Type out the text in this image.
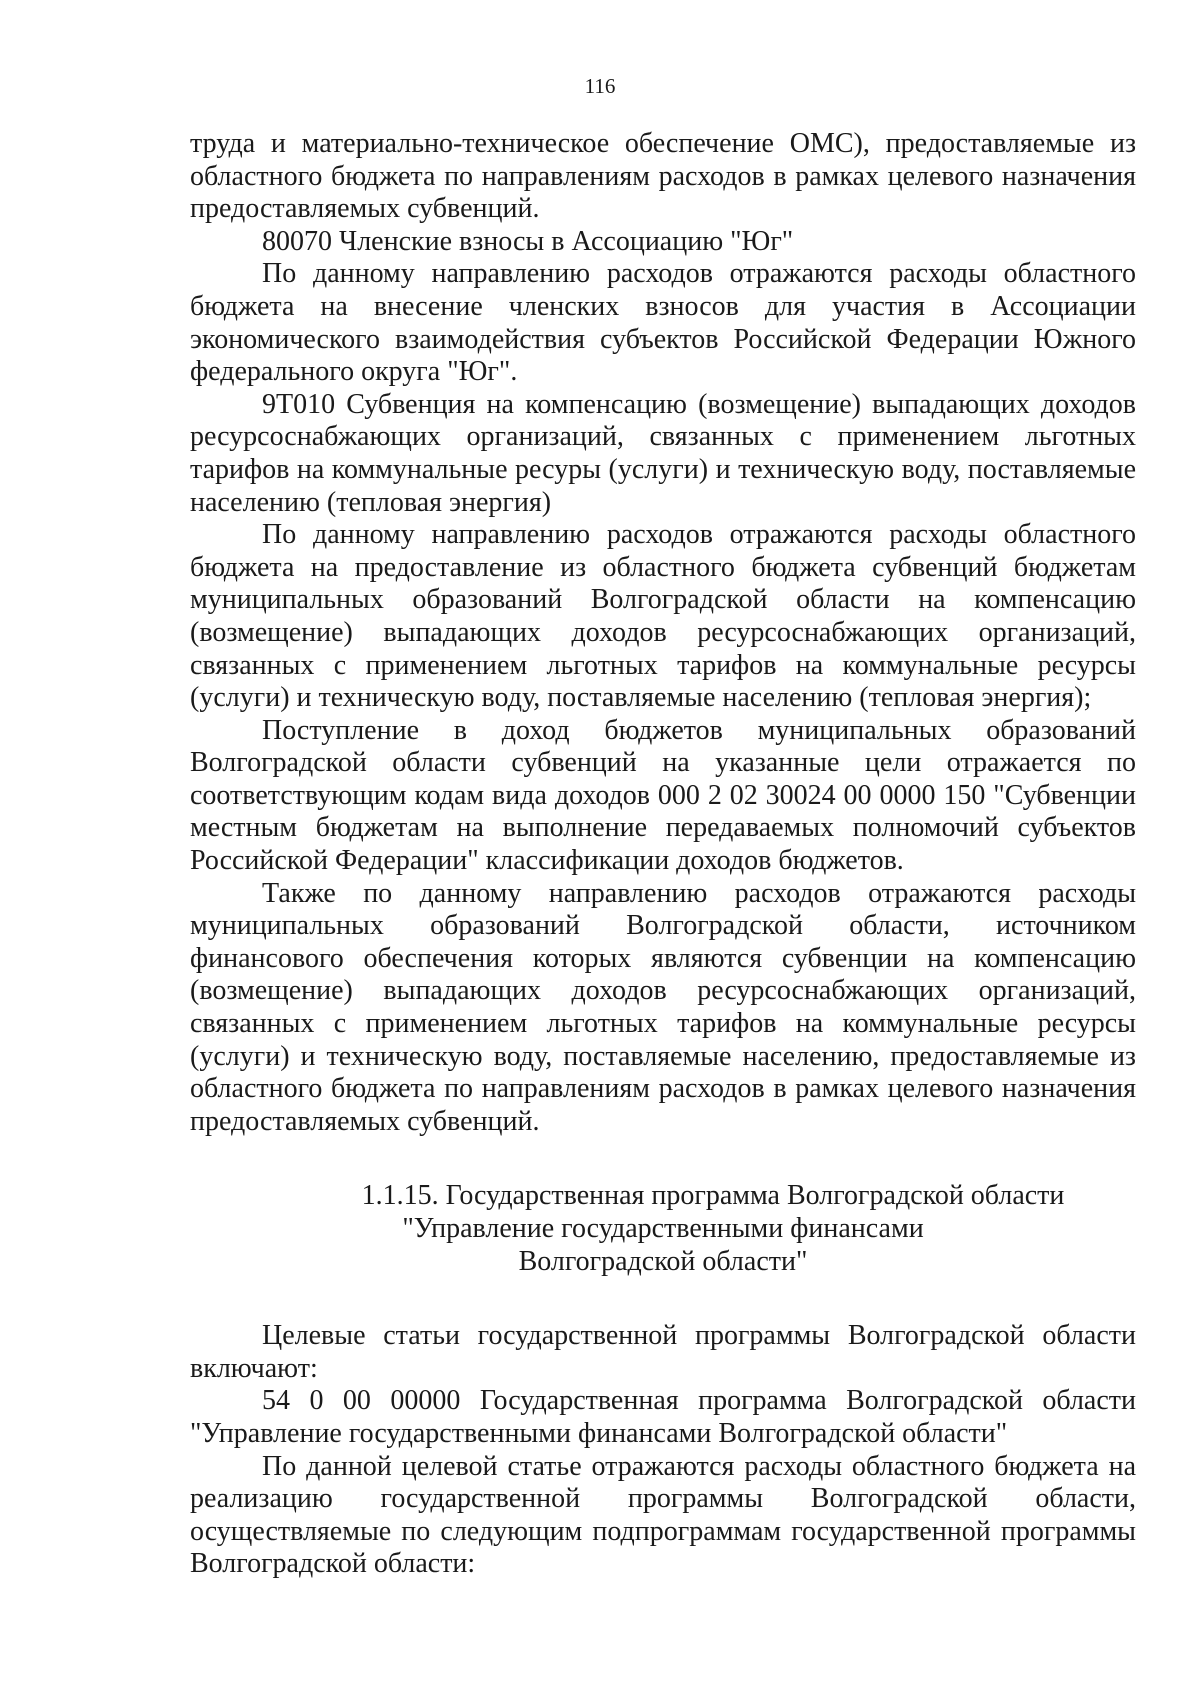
116

труда и материально-техническое обеспечение ОМС), предоставляемые из областного бюджета по направлениям расходов в рамках целевого назначения предоставляемых субвенций.

80070 Членские взносы в Ассоциацию "Юг"

По данному направлению расходов отражаются расходы областного бюджета на внесение членских взносов для участия в Ассоциации экономического взаимодействия субъектов Российской Федерации Южного федерального округа "Юг".

9Т010 Субвенция на компенсацию (возмещение) выпадающих доходов ресурсоснабжающих организаций, связанных с применением льготных тарифов на коммунальные ресуры (услуги) и техническую воду, поставляемые населению (тепловая энергия)

По данному направлению расходов отражаются расходы областного бюджета на предоставление из областного бюджета субвенций бюджетам муниципальных образований Волгоградской области на компенсацию (возмещение) выпадающих доходов ресурсоснабжающих организаций, связанных с применением льготных тарифов на коммунальные ресурсы (услуги) и техническую воду, поставляемые населению (тепловая энергия);

Поступление в доход бюджетов муниципальных образований Волгоградской области субвенций на указанные цели отражается по соответствующим кодам вида доходов 000 2 02 30024 00 0000 150 "Субвенции местным бюджетам на выполнение передаваемых полномочий субъектов Российской Федерации" классификации доходов бюджетов.

Также по данному направлению расходов отражаются расходы муниципальных образований Волгоградской области, источником финансового обеспечения которых являются субвенции на компенсацию (возмещение) выпадающих доходов ресурсоснабжающих организаций, связанных с применением льготных тарифов на коммунальные ресурсы (услуги) и техническую воду, поставляемые населению, предоставляемые из областного бюджета по направлениям расходов в рамках целевого назначения предоставляемых субвенций.

1.1.15. Государственная программа Волгоградской области
"Управление государственными финансами
Волгоградской области"

Целевые статьи государственной программы Волгоградской области включают:

54 0 00 00000 Государственная программа Волгоградской области "Управление государственными финансами Волгоградской области"

По данной целевой статье отражаются расходы областного бюджета на реализацию государственной программы Волгоградской области, осуществляемые по следующим подпрограммам государственной программы Волгоградской области:
